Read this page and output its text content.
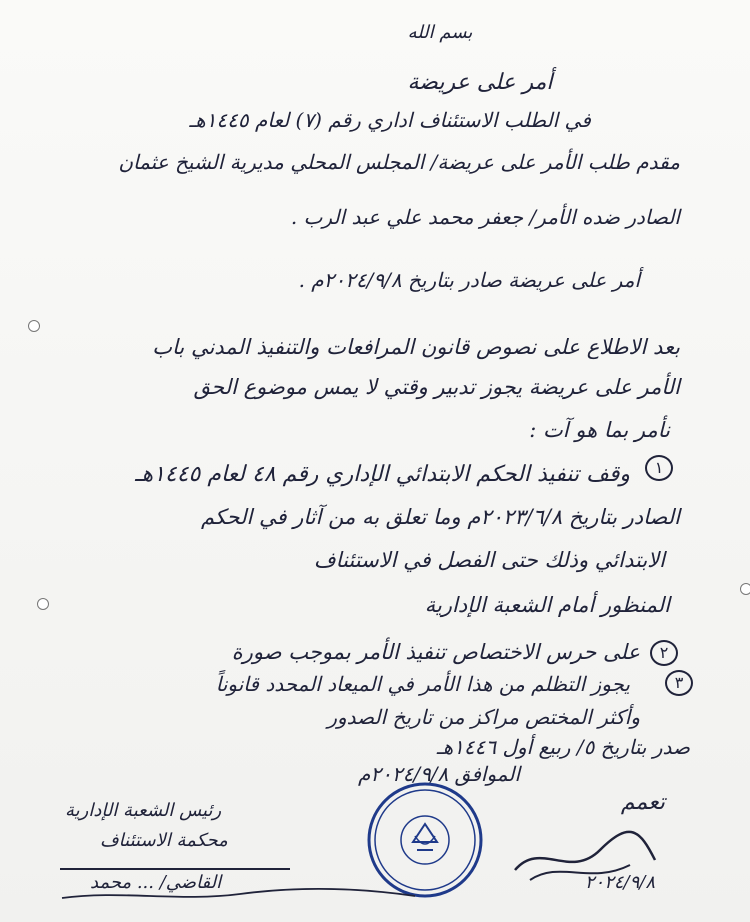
بسم الله
أمر على عريضة
في الطلب الاستئناف اداري رقم (٧) لعام ١٤٤٥هـ
مقدم طلب الأمر على عريضة/ المجلس المحلي مديرية الشيخ عثمان
الصادر ضده الأمر/ جعفر محمد علي عبد الرب .
أمر على عريضة صادر بتاريخ ٢٠٢٤/٩/٨م .
بعد الاطلاع على نصوص قانون المرافعات والتنفيذ المدني باب
الأمر على عريضة يجوز تدبير وقتي لا يمس موضوع الحق
نأمر بما هو آت :
١
وقف تنفيذ الحكم الابتدائي الإداري رقم ٤٨ لعام ١٤٤٥هـ
الصادر بتاريخ ٢٠٢٣/٦/٨م وما تعلق به من آثار في الحكم
الابتدائي وذلك حتى الفصل في الاستئناف
المنظور أمام الشعبة الإدارية
٢
على حرس الاختصاص تنفيذ الأمر بموجب صورة
٣
يجوز التظلم من هذا الأمر في الميعاد المحدد قانوناً
وأكثر المختص مراكز من تاريخ الصدور
صدر بتاريخ ٥/ ربيع أول ١٤٤٦هـ
الموافق ٢٠٢٤/٩/٨م
رئيس الشعبة الإدارية
محكمة الاستئناف
القاضي/ ... محمد
تعمم
٢٠٢٤/٩/٨
